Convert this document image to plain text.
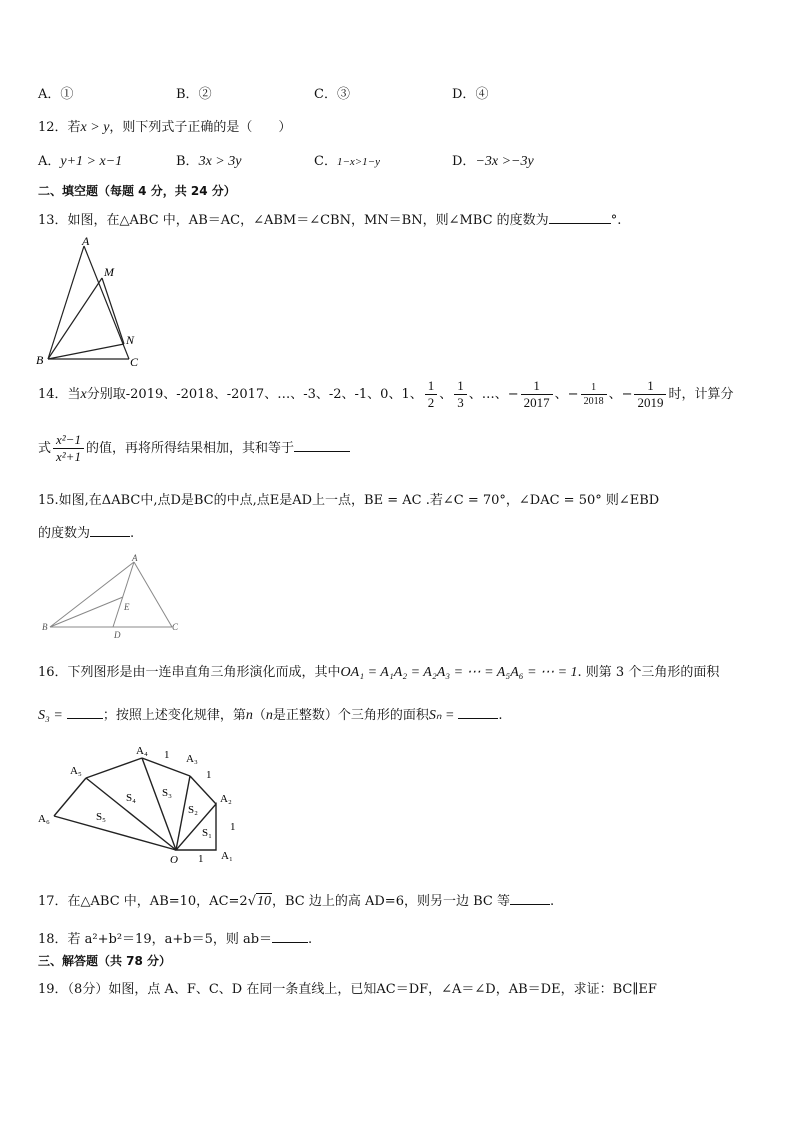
A．①	B．②	C．③	D．④
12．若x > y，则下列式子正确的是（　　）
A．y+1 > x−1	B．3x > 3y	C．1−x>1−y	D．−3x >−3y
二、填空题（每题 4 分，共 24 分）
13．如图，在△ABC 中，AB＝AC，∠ABM＝∠CBN，MN＝BN，则∠MBC 的度数为	°.
A
M
N
B	C
14．当x分别取-2019、-2018、-2017、…、-3、-2、-1、0、1、 $\frac{1}{2}$ 、 $\frac{1}{3}$ 、…、− $\frac{1}{2017}$ 、− $\frac{1}{2018}$ 、− $\frac{1}{2019}$ 时，计算分
式 $\frac{\text{x²−1}}{\text{x²+1}}$ 的值，再将所得结果相加，其和等于
15.如图,在ΔABC中,点D是BC的中点,点E是AD上一点，BE = AC .若∠C = 70°，∠DAC = 50° 则∠EBD
的度数为	.
A
E
B
D
C
16．下列图形是由一连串直角三角形演化而成，其中OA₁ = A₁A₂ = A₂A₃ = ⋯ = A₅A₆ = ⋯ = 1. 则第 3 个三角形的面积
S₃ =	；按照上述变化规律，第n（n是正整数）个三角形的面积Sₙ =	.
A₁
A₂
A₃
A₄
A₅
A₆
O
S₁
S₂
S₃
S₄
S₅
1
1
1
1
17．在△ABC 中，AB=10，AC=2√10，BC 边上的高 AD=6，则另一边 BC 等	.
18．若 a²+b²＝19，a+b＝5，则 ab＝	.
三、解答题（共 78 分）
19．（8分）如图，点 A、F、C、D 在同一条直线上，已知AC＝DF，∠A＝∠D，AB＝DE，求证：BC∥EF
